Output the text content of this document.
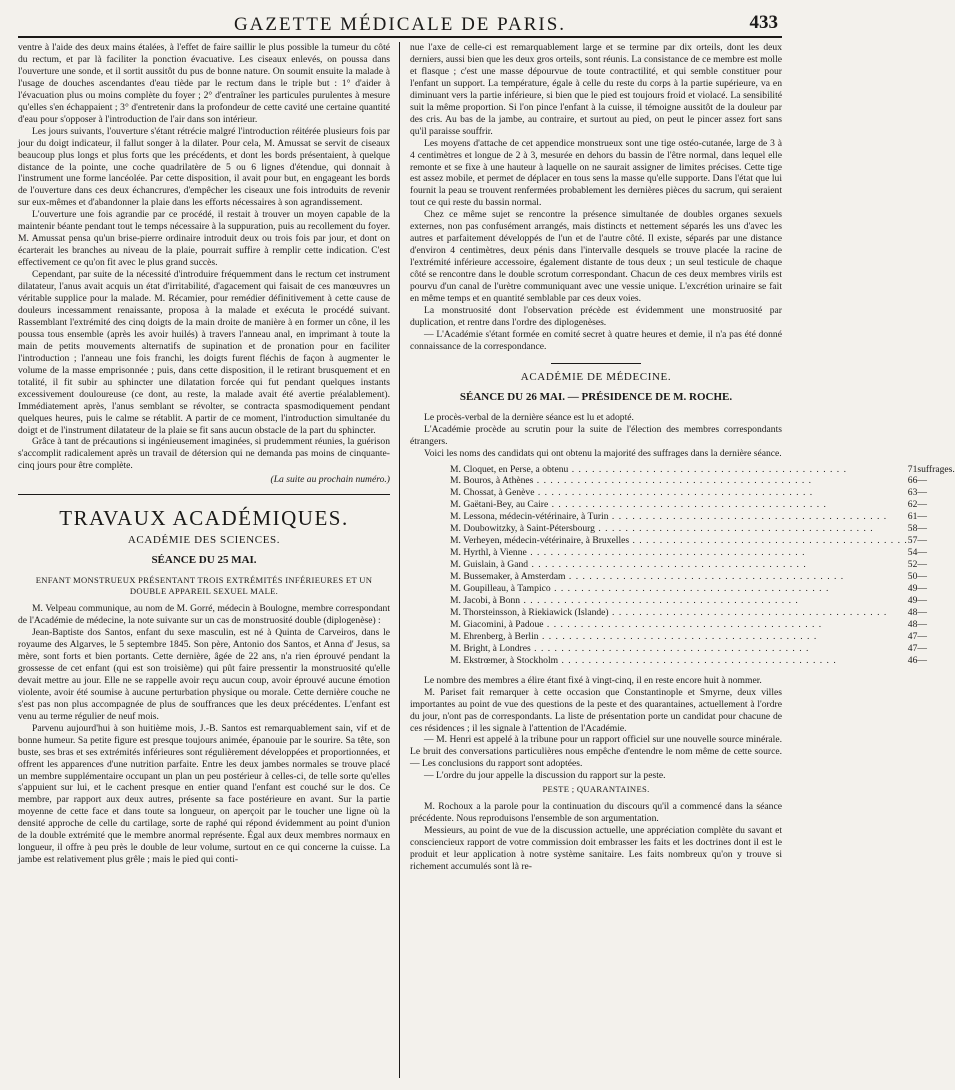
GAZETTE MÉDICALE DE PARIS.	433

ventre à l'aide des deux mains étalées, à l'effet de faire saillir le plus possible la tumeur du côté du rectum, et par là faciliter la ponction évacuative. Les ciseaux enlevés, on poussa dans l'ouverture une sonde, et il sortit aussitôt du pus de bonne nature. On soumit ensuite la malade à l'usage de douches ascendantes d'eau tiède par le rectum dans le triple but : 1° d'aider à l'évacuation plus ou moins complète du foyer ; 2° d'entraîner les particules purulentes à mesure qu'elles s'en échappaient ; 3° d'entretenir dans la profondeur de cette cavité une certaine quantité d'eau pour s'opposer à l'introduction de l'air dans son intérieur.

Les jours suivants, l'ouverture s'étant rétrécie malgré l'introduction réitérée plusieurs fois par jour du doigt indicateur, il fallut songer à la dilater. Pour cela, M. Amussat se servit de ciseaux beaucoup plus longs et plus forts que les précédents, et dont les bords présentaient, à quelque distance de la pointe, une coche quadrilatère de 5 ou 6 lignes d'étendue, qui donnait à l'instrument une forme lancéolée. Par cette disposition, il avait pour but, en engageant les bords de l'ouverture dans ces deux échancrures, d'empêcher les ciseaux une fois introduits de revenir sur eux-mêmes et d'abandonner la plaie dans les efforts nécessaires à son agrandissement.

L'ouverture une fois agrandie par ce procédé, il restait à trouver un moyen capable de la maintenir béante pendant tout le temps nécessaire à la suppuration, puis au recollement du foyer. M. Amussat pensa qu'un brise-pierre ordinaire introduit deux ou trois fois par jour, et dont on écarterait les branches au niveau de la plaie, pourrait suffire à remplir cette indication. C'est effectivement ce qu'on fit avec le plus grand succès.

Cependant, par suite de la nécessité d'introduire fréquemment dans le rectum cet instrument dilatateur, l'anus avait acquis un état d'irritabilité, d'agacement qui faisait de ces manœuvres un véritable supplice pour la malade. M. Récamier, pour remédier définitivement à cette cause de douleurs incessamment renaissante, proposa à la malade et exécuta le procédé suivant. Rassemblant l'extrémité des cinq doigts de la main droite de manière à en former un cône, il les poussa tous ensemble (après les avoir huilés) à travers l'anneau anal, en imprimant à toute la main de petits mouvements alternatifs de supination et de pronation pour en faciliter l'introduction ; l'anneau une fois franchi, les doigts furent fléchis de façon à augmenter le volume de la masse emprisonnée ; puis, dans cette disposition, il le retirant brusquement et en totalité, il fit subir au sphincter une dilatation forcée qui fut pendant quelques instants excessivement douloureuse (ce dont, au reste, la malade avait été avertie préalablement). Immédiatement après, l'anus semblant se révolter, se contracta spasmodiquement pendant quelques heures, puis le calme se rétablit. A partir de ce moment, l'introduction simultanée du doigt et de l'instrument dilatateur de la plaie se fit sans aucun obstacle de la part du sphincter.

Grâce à tant de précautions si ingénieusement imaginées, si prudemment réunies, la guérison s'accomplit radicalement après un travail de détersion qui ne demanda pas moins de cinquante-cinq jours pour être complète.

(La suite au prochain numéro.)
TRAVAUX ACADÉMIQUES.
ACADÉMIE DES SCIENCES.
SÉANCE DU 25 MAI.
ENFANT MONSTRUEUX PRÉSENTANT TROIS EXTRÉMITÉS INFÉRIEURES ET UN DOUBLE APPAREIL SEXUEL MALE.

M. Velpeau communique, au nom de M. Gorré, médecin à Boulogne, membre correspondant de l'Académie de médecine, la note suivante sur un cas de monstruosité double (diplogenèse) :

Jean-Baptiste dos Santos, enfant du sexe masculin, est né à Quinta de Carveiros, dans le royaume des Algarves, le 5 septembre 1845. Son père, Antonio dos Santos, et Anna d' Jesus, sa mère, sont forts et bien portants. Cette dernière, âgée de 22 ans, n'a rien éprouvé pendant la grossesse de cet enfant (qui est son troisième) qui pût faire pressentir la monstruosité qu'elle devait mettre au jour. Elle ne se rappelle avoir reçu aucun coup, avoir éprouvé aucune émotion violente, avoir été soumise à aucune perturbation physique ou morale. Cette dernière couche ne s'est pas non plus accompagnée de plus de souffrances que les deux précédentes. L'enfant est venu au terme régulier de neuf mois.

Parvenu aujourd'hui à son huitième mois, J.-B. Santos est remarquablement sain, vif et de bonne humeur. Sa petite figure est presque toujours animée, épanouie par le sourire. Sa tête, son buste, ses bras et ses extrémités inférieures sont régulièrement développées et proportionnées, et offrent les apparences d'une nutrition parfaite. Entre les deux jambes normales se trouve placé un membre supplémentaire occupant un plan un peu postérieur à celles-ci, de telle sorte qu'elles s'appuient sur lui, et le cachent presque en entier quand l'enfant est couché sur le dos. Ce membre, par rapport aux deux autres, présente sa face postérieure en avant. Sur la partie moyenne de cette face et dans toute sa longueur, on aperçoit par le toucher une ligne où la densité approche de celle du cartilage, sorte de raphé qui répond évidemment au point d'union de la double extrémité que le membre anormal représente. Égal aux deux membres normaux en longueur, il offre à peu près le double de leur volume, surtout en ce qui concerne la cuisse. La jambe est relativement plus grêle ; mais le pied qui conti-

nue l'axe de celle-ci est remarquablement large et se termine par dix orteils, dont les deux derniers, aussi bien que les deux gros orteils, sont réunis. La consistance de ce membre est molle et flasque ; c'est une masse dépourvue de toute contractilité, et qui semble constituer pour l'enfant un support. La température, égale à celle du reste du corps à la partie supérieure, va en diminuant vers la partie inférieure, si bien que le pied est toujours froid et violacé. La sensibilité suit la même proportion. Si l'on pince l'enfant à la cuisse, il témoigne aussitôt de la douleur par des cris. Au bas de la jambe, au contraire, et surtout au pied, on peut le pincer assez fort sans qu'il paraisse souffrir.

Les moyens d'attache de cet appendice monstrueux sont une tige ostéo-cutanée, large de 3 à 4 centimètres et longue de 2 à 3, mesurée en dehors du bassin de l'être normal, dans lequel elle remonte et se fixe à une hauteur à laquelle on ne saurait assigner de limites précises. Cette tige est assez mobile, et permet de déplacer en tous sens la masse qu'elle supporte. Dans l'état que lui fournit la peau se trouvent renfermées probablement les dernières pièces du sacrum, qui seraient tout ce qui reste du bassin normal.

Chez ce même sujet se rencontre la présence simultanée de doubles organes sexuels externes, non pas confusément arrangés, mais distincts et nettement séparés les uns d'avec les autres et parfaitement développés de l'un et de l'autre côté. Il existe, séparés par une distance d'environ 4 centimètres, deux pénis dans l'intervalle desquels se trouve placée la racine de l'extrémité inférieure accessoire, également distante de tous deux ; un seul testicule de chaque côté se rencontre dans le double scrotum correspondant. Chacun de ces deux membres virils est pourvu d'un canal de l'urètre communiquant avec une vessie unique. L'excrétion urinaire se fait en même temps et en quantité semblable par ces deux voies.

La monstruosité dont l'observation précède est évidemment une monstruosité par duplication, et rentre dans l'ordre des diplogenèses.

— L'Académie s'étant formée en comité secret à quatre heures et demie, il n'a pas été donné connaissance de la correspondance.

ACADÉMIE DE MÉDECINE.
SÉANCE DU 26 MAI. — PRÉSIDENCE DE M. ROCHE.

Le procès-verbal de la dernière séance est lu et adopté.

L'Académie procède au scrutin pour la suite de l'élection des membres correspondants étrangers.

Voici les noms des candidats qui ont obtenu la majorité des suffrages dans la dernière séance.

M. Cloquet, en Perse, a obtenu . . .	71	suffrages.
M. Bouros, à Athènes . . .	66	—
M. Chossat, à Genève . . .	63	—
M. Gaëtani-Bey, au Caire . . .	62	—
M. Lessona, médecin-vétérinaire, à Turin . . .	61	—
M. Doubowitzky, à Saint-Pétersbourg . . .	58	—
M. Verheyen, médecin-vétérinaire, à Bruxelles . . .	57	—
M. Hyrthl, à Vienne . . .	54	—
M. Guislain, à Gand . . .	52	—
M. Bussemaker, à Amsterdam . . .	50	—
M. Goupilleau, à Tampico . . .	49	—
M. Jacobi, à Bonn . . .	49	—
M. Thorsteinsson, à Riekiawick (Islande) . . .	48	—
M. Giacomini, à Padoue . . .	48	—
M. Ehrenberg, à Berlin . . .	47	—
M. Bright, à Londres . . .	47	—
M. Ekstrœmer, à Stockholm . . .	46	—

Le nombre des membres a élire étant fixé à vingt-cinq, il en reste encore huit à nommer.

M. Pariset fait remarquer à cette occasion que Constantinople et Smyrne, deux villes importantes au point de vue des questions de la peste et des quarantaines, actuellement à l'ordre du jour, n'ont pas de correspondants. La liste de présentation porte un candidat pour chacune de ces résidences ; il les signale à l'attention de l'Académie.

— M. Henri est appelé à la tribune pour un rapport officiel sur une nouvelle source minérale. Le bruit des conversations particulières nous empêche d'entendre le nom même de cette source. — Les conclusions du rapport sont adoptées.

— L'ordre du jour appelle la discussion du rapport sur la peste.

PESTE ; QUARANTAINES.

M. Rochoux a la parole pour la continuation du discours qu'il a commencé dans la séance précédente. Nous reproduisons l'ensemble de son argumentation.

Messieurs, au point de vue de la discussion actuelle, une appréciation complète du savant et consciencieux rapport de votre commission doit embrasser les faits et les doctrines dont il est le produit et leur application à notre système sanitaire. Les faits nombreux qu'on y trouve si richement accumulés sont là re-
